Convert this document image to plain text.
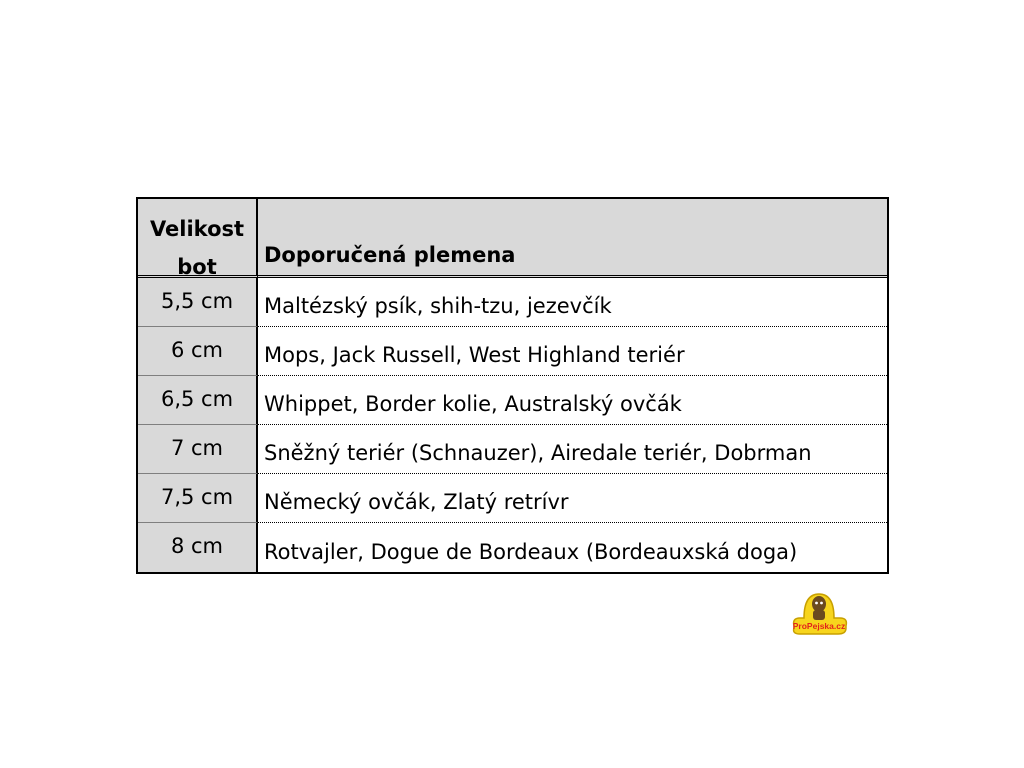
Velikost
bot	Doporučená plemena
5,5 cm	Maltézský psík, shih-tzu, jezevčík
6 cm	Mops, Jack Russell, West Highland teriér
6,5 cm	Whippet, Border kolie, Australský ovčák
7 cm	Sněžný teriér (Schnauzer), Airedale teriér, Dobrman
7,5 cm	Německý ovčák, Zlatý retrívr
8 cm	Rotvajler, Dogue de Bordeaux (Bordeauxská doga)
ProPejska.cz
